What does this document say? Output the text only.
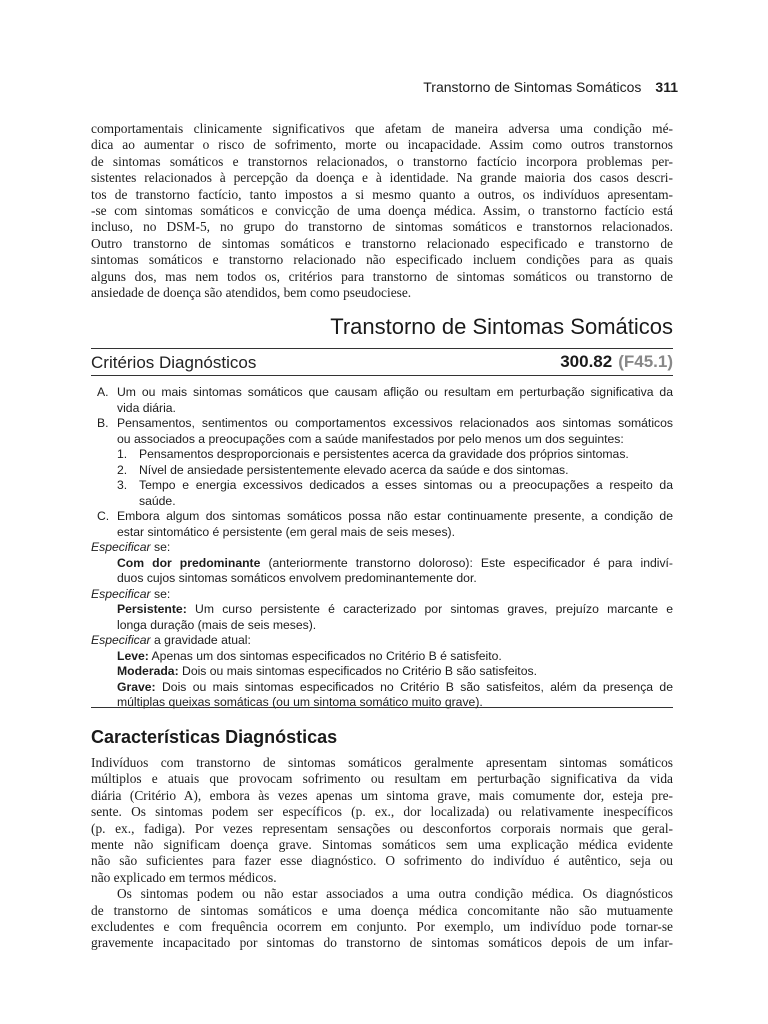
Transtorno de Sintomas Somáticos 311
comportamentais clinicamente significativos que afetam de maneira adversa uma condição mé-
dica ao aumentar o risco de sofrimento, morte ou incapacidade. Assim como outros transtornos
de sintomas somáticos e transtornos relacionados, o transtorno factício incorpora problemas per-
sistentes relacionados à percepção da doença e à identidade. Na grande maioria dos casos descri-
tos de transtorno factício, tanto impostos a si mesmo quanto a outros, os indivíduos apresentam-
-se com sintomas somáticos e convicção de uma doença médica. Assim, o transtorno factício está
incluso, no DSM-5, no grupo do transtorno de sintomas somáticos e transtornos relacionados.
Outro transtorno de sintomas somáticos e transtorno relacionado especificado e transtorno de
sintomas somáticos e transtorno relacionado não especificado incluem condições para as quais
alguns dos, mas nem todos os, critérios para transtorno de sintomas somáticos ou transtorno de
ansiedade de doença são atendidos, bem como pseudociese.
Transtorno de Sintomas Somáticos
Critérios Diagnósticos	300.82 (F45.1)
A. Um ou mais sintomas somáticos que causam aflição ou resultam em perturbação significativa da
vida diária.
B. Pensamentos, sentimentos ou comportamentos excessivos relacionados aos sintomas somáticos
ou associados a preocupações com a saúde manifestados por pelo menos um dos seguintes:
1. Pensamentos desproporcionais e persistentes acerca da gravidade dos próprios sintomas.
2. Nível de ansiedade persistentemente elevado acerca da saúde e dos sintomas.
3. Tempo e energia excessivos dedicados a esses sintomas ou a preocupações a respeito da
saúde.
C. Embora algum dos sintomas somáticos possa não estar continuamente presente, a condição de
estar sintomático é persistente (em geral mais de seis meses).
Especificar se:
Com dor predominante (anteriormente transtorno doloroso): Este especificador é para indiví-
duos cujos sintomas somáticos envolvem predominantemente dor.
Especificar se:
Persistente: Um curso persistente é caracterizado por sintomas graves, prejuízo marcante e
longa duração (mais de seis meses).
Especificar a gravidade atual:
Leve: Apenas um dos sintomas especificados no Critério B é satisfeito.
Moderada: Dois ou mais sintomas especificados no Critério B são satisfeitos.
Grave: Dois ou mais sintomas especificados no Critério B são satisfeitos, além da presença de
múltiplas queixas somáticas (ou um sintoma somático muito grave).
Características Diagnósticas
Indivíduos com transtorno de sintomas somáticos geralmente apresentam sintomas somáticos
múltiplos e atuais que provocam sofrimento ou resultam em perturbação significativa da vida
diária (Critério A), embora às vezes apenas um sintoma grave, mais comumente dor, esteja pre-
sente. Os sintomas podem ser específicos (p. ex., dor localizada) ou relativamente inespecíficos
(p. ex., fadiga). Por vezes representam sensações ou desconfortos corporais normais que geral-
mente não significam doença grave. Sintomas somáticos sem uma explicação médica evidente
não são suficientes para fazer esse diagnóstico. O sofrimento do indivíduo é autêntico, seja ou
não explicado em termos médicos.
Os sintomas podem ou não estar associados a uma outra condição médica. Os diagnósticos
de transtorno de sintomas somáticos e uma doença médica concomitante não são mutuamente
excludentes e com frequência ocorrem em conjunto. Por exemplo, um indivíduo pode tornar-se
gravemente incapacitado por sintomas do transtorno de sintomas somáticos depois de um infar-
